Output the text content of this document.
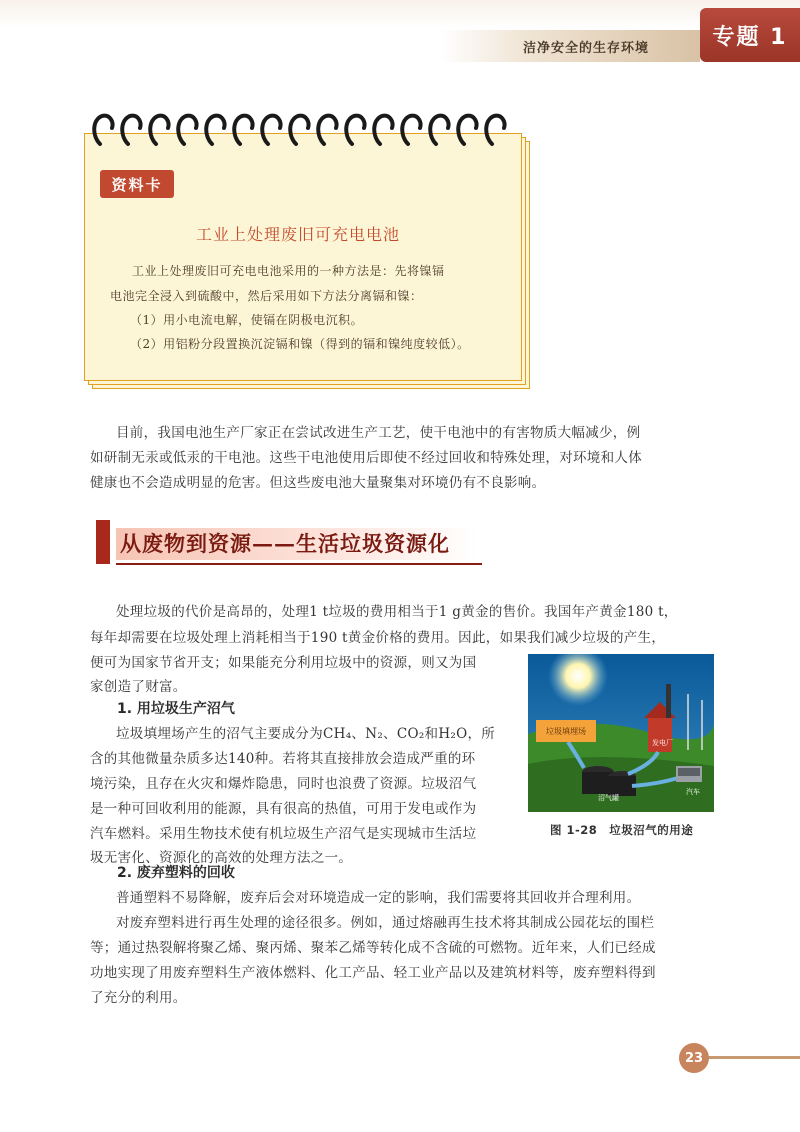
洁净安全的生存环境	专题 1
资料卡
工业上处理废旧可充电电池
工业上处理废旧可充电电池采用的一种方法是：先将镍镉
电池完全浸入到硫酸中，然后采用如下方法分离镉和镍：
（1）用小电流电解，使镉在阴极电沉积。
（2）用铝粉分段置换沉淀镉和镍（得到的镉和镍纯度较低）。
目前，我国电池生产厂家正在尝试改进生产工艺，使干电池中的有害物质大幅减少，例
如研制无汞或低汞的干电池。这些干电池使用后即使不经过回收和特殊处理，对环境和人体
健康也不会造成明显的危害。但这些废电池大量聚集对环境仍有不良影响。
从废物到资源——生活垃圾资源化
处理垃圾的代价是高昂的，处理1 t垃圾的费用相当于1 g黄金的售价。我国年产黄金180 t，
每年却需要在垃圾处理上消耗相当于190 t黄金价格的费用。因此，如果我们减少垃圾的产生，
便可为国家节省开支；如果能充分利用垃圾中的资源，则又为国
家创造了财富。
1. 用垃圾生产沼气
垃圾填埋场产生的沼气主要成分为CH₄、N₂、CO₂和H₂O，所
含的其他微量杂质多达140种。若将其直接排放会造成严重的环
境污染，且存在火灾和爆炸隐患，同时也浪费了资源。垃圾沼气
是一种可回收利用的能源，具有很高的热值，可用于发电或作为
汽车燃料。采用生物技术使有机垃圾生产沼气是实现城市生活垃
圾无害化、资源化的高效的处理方法之一。
垃圾填埋场
发电厂
沼气罐
汽车
图 1-28　垃圾沼气的用途
2. 废弃塑料的回收
普通塑料不易降解，废弃后会对环境造成一定的影响，我们需要将其回收并合理利用。
对废弃塑料进行再生处理的途径很多。例如，通过熔融再生技术将其制成公园花坛的围栏
等；通过热裂解将聚乙烯、聚丙烯、聚苯乙烯等转化成不含硫的可燃物。近年来，人们已经成
功地实现了用废弃塑料生产液体燃料、化工产品、轻工业产品以及建筑材料等，废弃塑料得到
了充分的利用。
23
